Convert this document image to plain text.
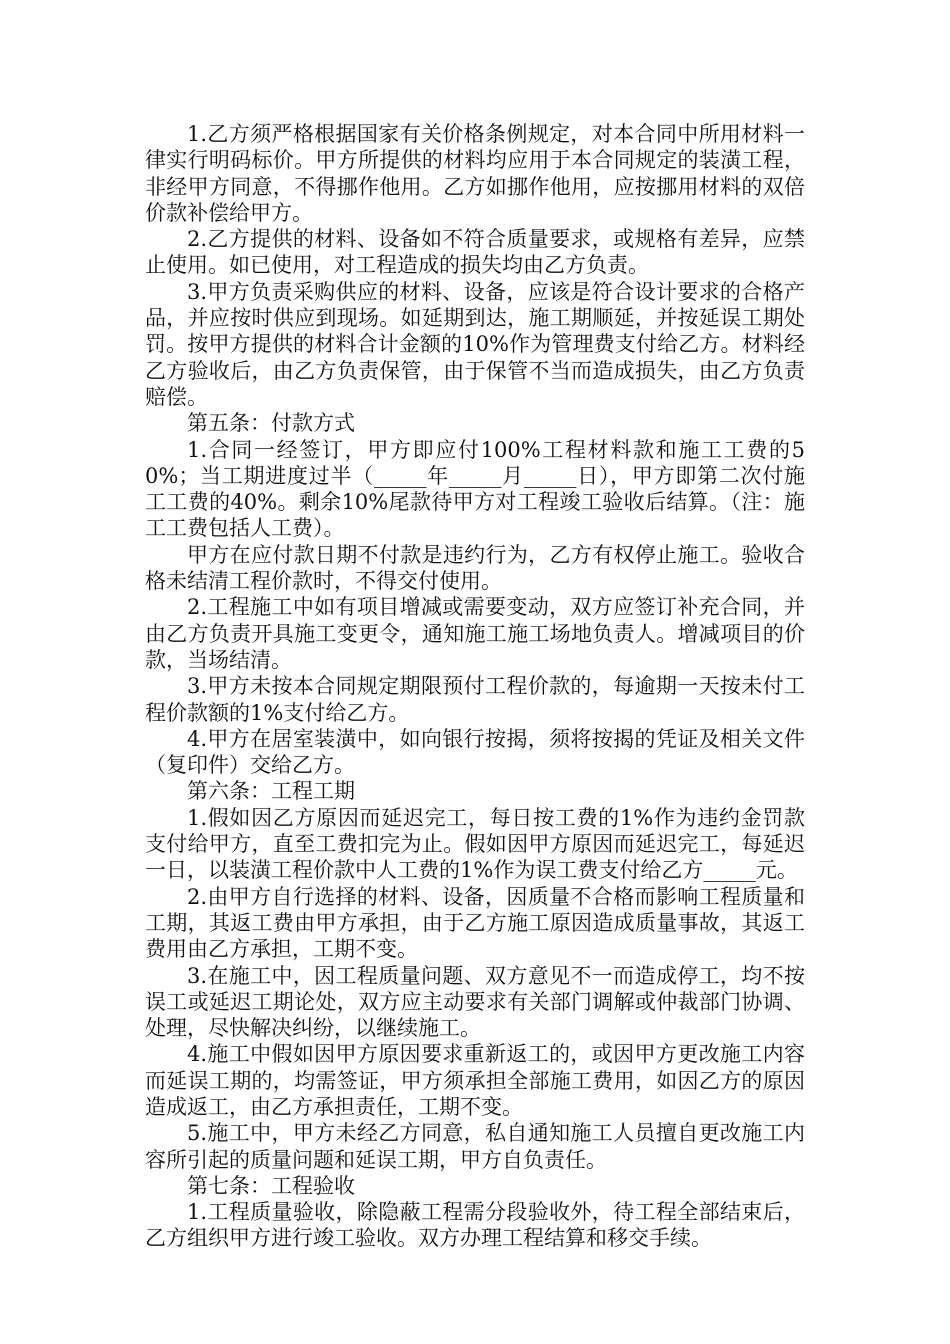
1.乙方须严格根据国家有关价格条例规定，对本合同中所用材料一律实行明码标价。甲方所提供的材料均应用于本合同规定的装潢工程，非经甲方同意，不得挪作他用。乙方如挪作他用，应按挪用材料的双倍价款补偿给甲方。

2.乙方提供的材料、设备如不符合质量要求，或规格有差异，应禁止使用。如已使用，对工程造成的损失均由乙方负责。

3.甲方负责采购供应的材料、设备，应该是符合设计要求的合格产品，并应按时供应到现场。如延期到达，施工期顺延，并按延误工期处罚。按甲方提供的材料合计金额的10%作为管理费支付给乙方。材料经乙方验收后，由乙方负责保管，由于保管不当而造成损失，由乙方负责赔偿。

第五条：付款方式

1.合同一经签订，甲方即应付100%工程材料款和施工工费的50%；当工期进度过半（_____年_____月_____日），甲方即第二次付施工工费的40%。剩余10%尾款待甲方对工程竣工验收后结算。（注：施工工费包括人工费）。

甲方在应付款日期不付款是违约行为，乙方有权停止施工。验收合格未结清工程价款时，不得交付使用。

2.工程施工中如有项目增减或需要变动，双方应签订补充合同，并由乙方负责开具施工变更令，通知施工施工场地负责人。增减项目的价款，当场结清。

3.甲方未按本合同规定期限预付工程价款的，每逾期一天按未付工程价款额的1%支付给乙方。

4.甲方在居室装潢中，如向银行按揭，须将按揭的凭证及相关文件（复印件）交给乙方。

第六条：工程工期

1.假如因乙方原因而延迟完工，每日按工费的1%作为违约金罚款支付给甲方，直至工费扣完为止。假如因甲方原因而延迟完工，每延迟一日，以装潢工程价款中人工费的1%作为误工费支付给乙方_____元。

2.由甲方自行选择的材料、设备，因质量不合格而影响工程质量和工期，其返工费由甲方承担，由于乙方施工原因造成质量事故，其返工费用由乙方承担，工期不变。

3.在施工中，因工程质量问题、双方意见不一而造成停工，均不按误工或延迟工期论处，双方应主动要求有关部门调解或仲裁部门协调、处理，尽快解决纠纷，以继续施工。

4.施工中假如因甲方原因要求重新返工的，或因甲方更改施工内容而延误工期的，均需签证，甲方须承担全部施工费用，如因乙方的原因造成返工，由乙方承担责任，工期不变。

5.施工中，甲方未经乙方同意，私自通知施工人员擅自更改施工内容所引起的质量问题和延误工期，甲方自负责任。

第七条：工程验收

1.工程质量验收，除隐蔽工程需分段验收外，待工程全部结束后，乙方组织甲方进行竣工验收。双方办理工程结算和移交手续。
